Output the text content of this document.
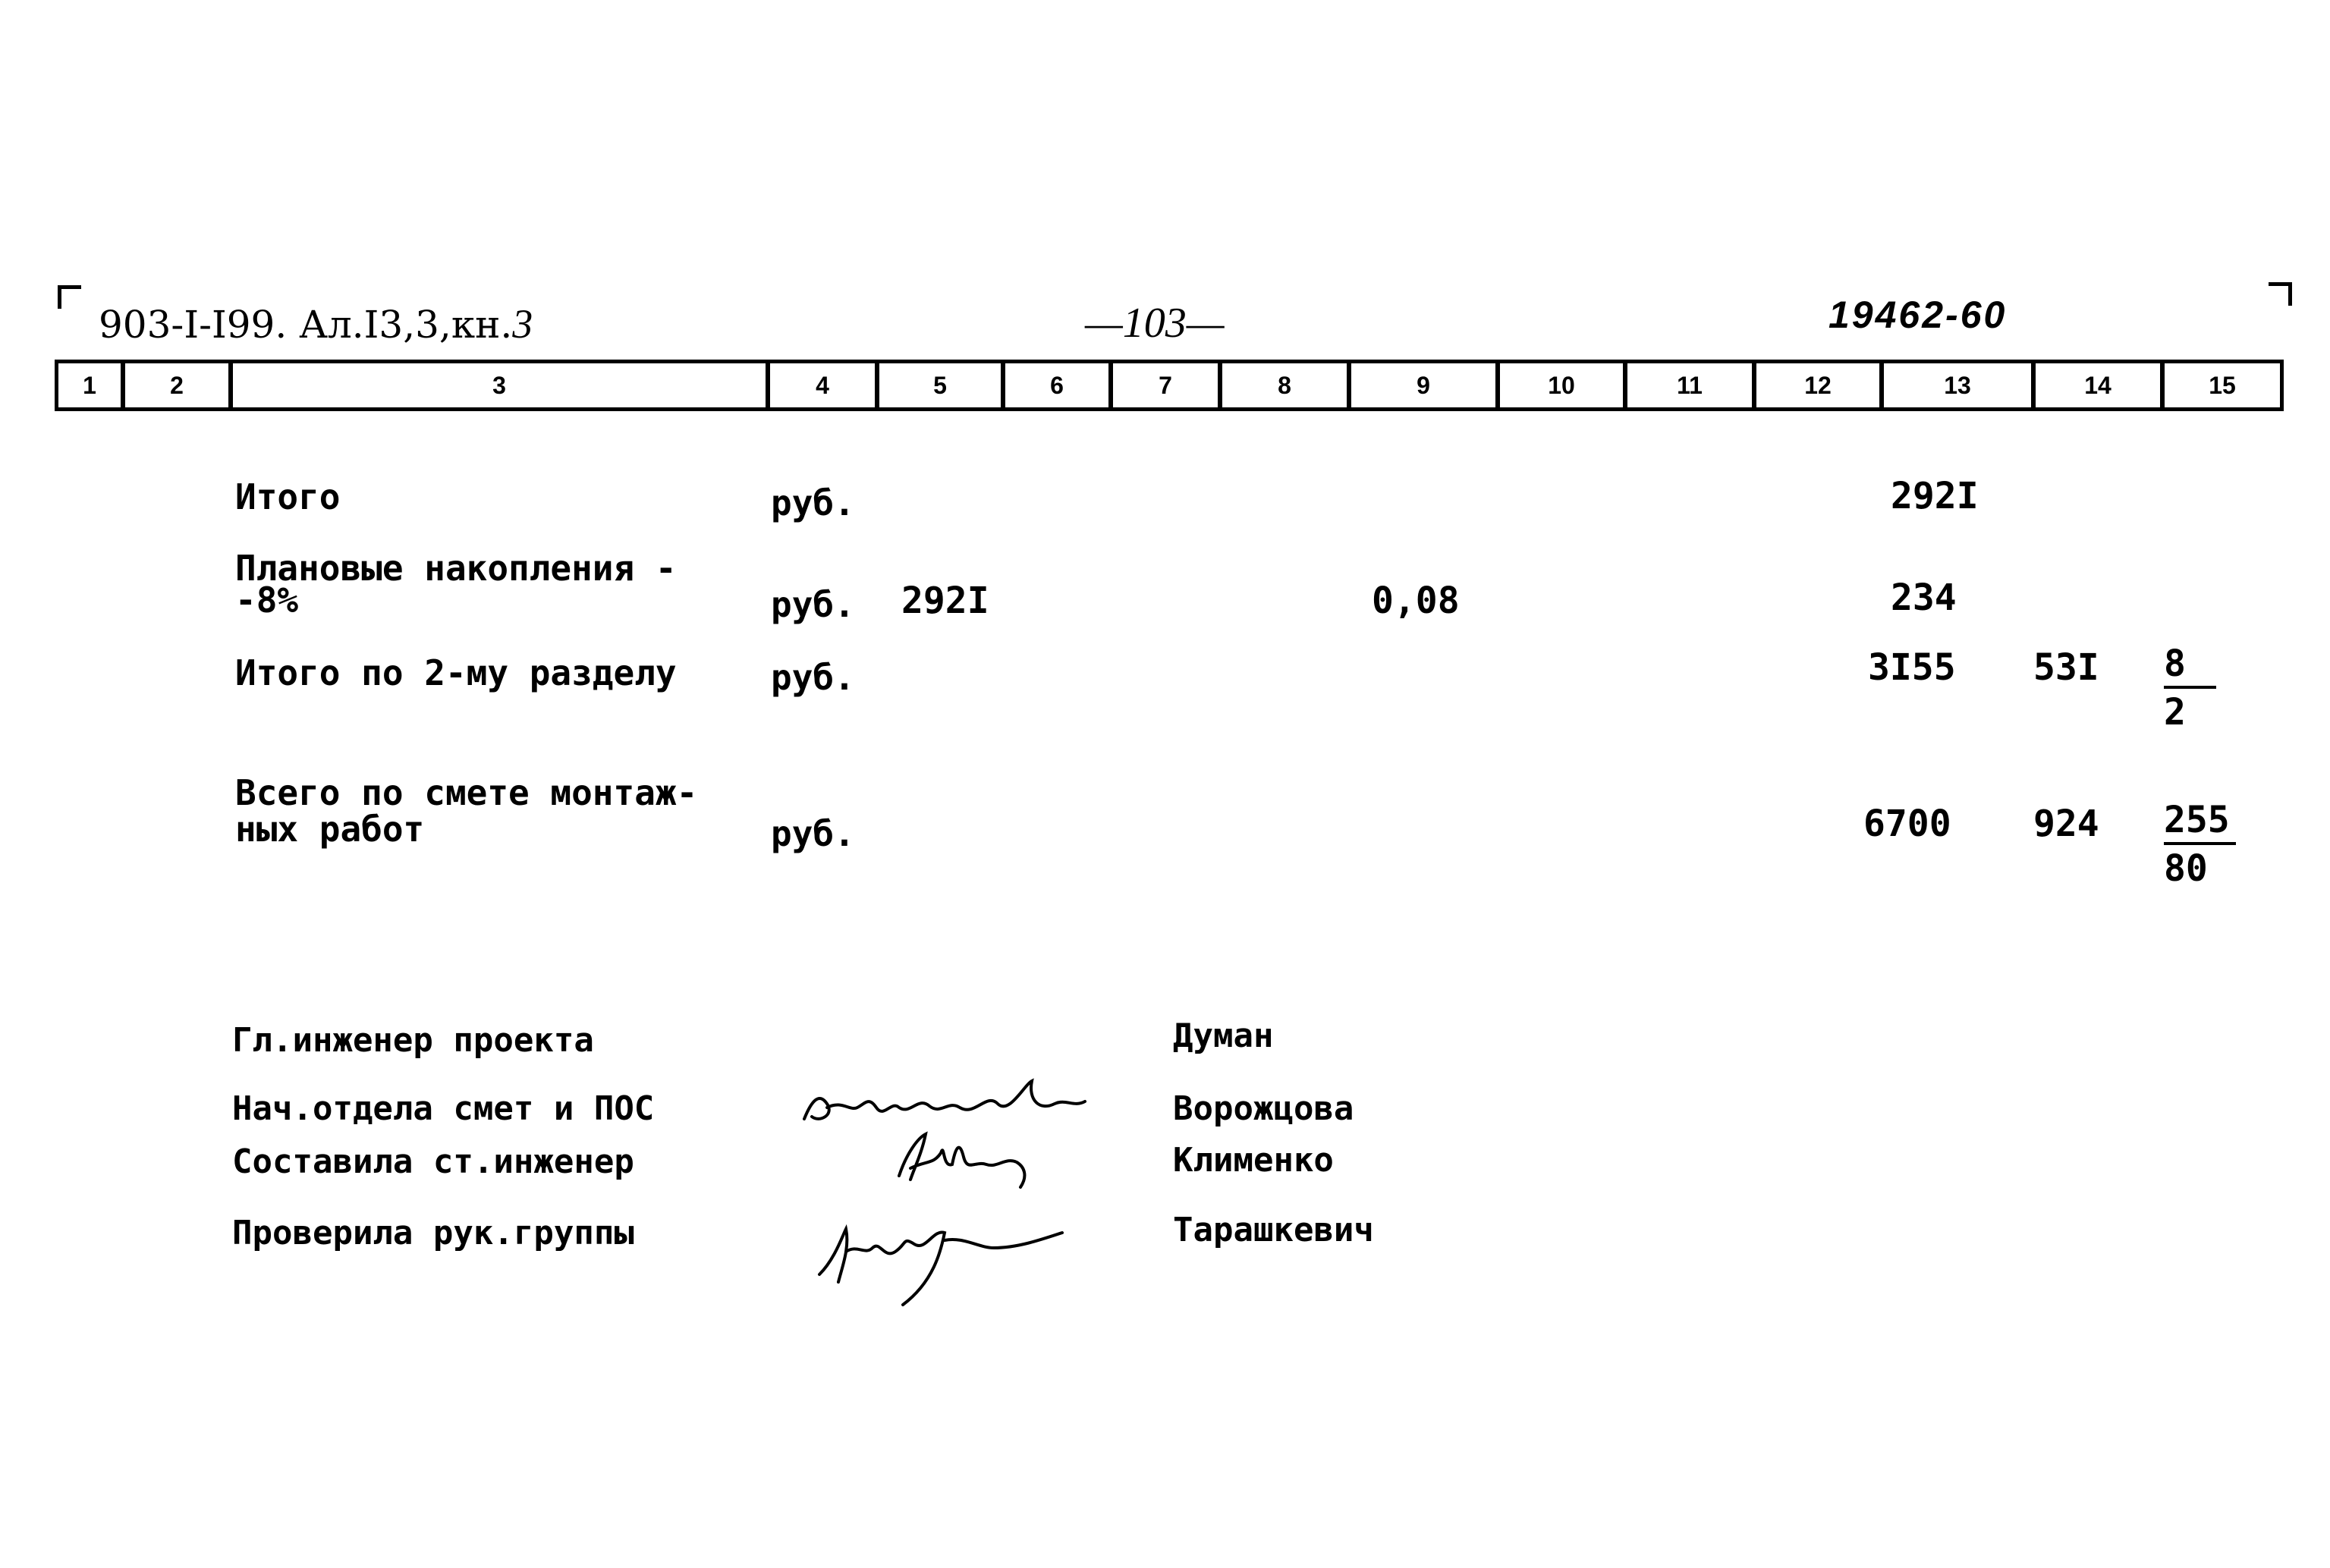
903-I-I99. Ал.I3,3,кн.3	—103—	19462-60
1	2	3	4	5	6	7	8	9	10	11	12	13	14	15
Итого	руб.	292I
Плановые накопления -
-8%	руб. 292I	0,08	234
Итого по 2-му разделу	руб.	3I55 $53I \frac{8}{2}$
Всего по смете монтаж-
ных работ	руб.	6700 $924 \frac{255}{80}$
Гл.инженер проекта	Думан
Нач.отдела смет и ПОС	Ворожцова
Составила ст.инженер	Клименко
Проверила рук.группы	Тарашкевич
